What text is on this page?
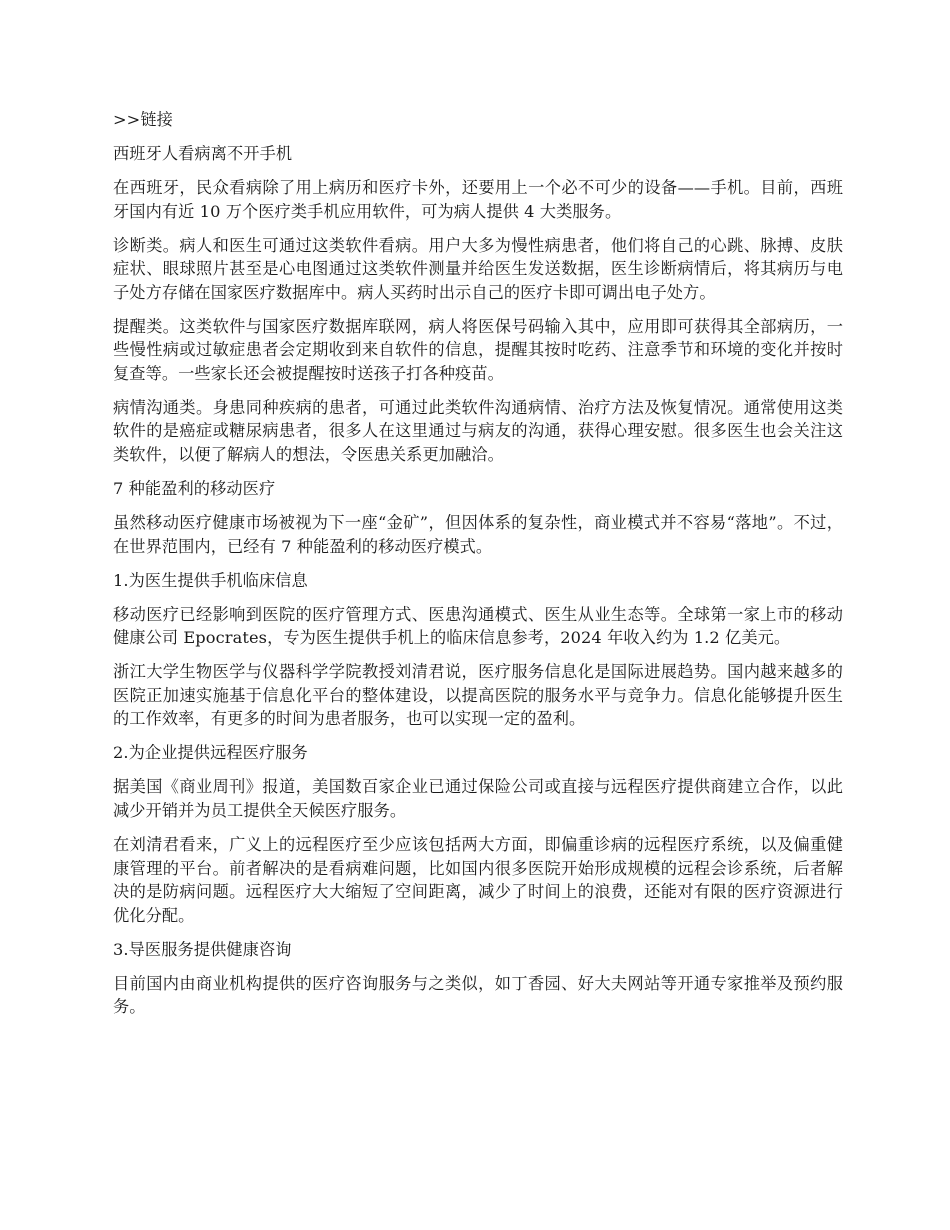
>>链接

西班牙人看病离不开手机

在西班牙，民众看病除了用上病历和医疗卡外，还要用上一个必不可少的设备——手机。目前，西班牙国内有近 10 万个医疗类手机应用软件，可为病人提供 4 大类服务。

诊断类。病人和医生可通过这类软件看病。用户大多为慢性病患者，他们将自己的心跳、脉搏、皮肤症状、眼球照片甚至是心电图通过这类软件测量并给医生发送数据，医生诊断病情后，将其病历与电子处方存储在国家医疗数据库中。病人买药时出示自己的医疗卡即可调出电子处方。

提醒类。这类软件与国家医疗数据库联网，病人将医保号码输入其中，应用即可获得其全部病历，一些慢性病或过敏症患者会定期收到来自软件的信息，提醒其按时吃药、注意季节和环境的变化并按时复查等。一些家长还会被提醒按时送孩子打各种疫苗。

病情沟通类。身患同种疾病的患者，可通过此类软件沟通病情、治疗方法及恢复情况。通常使用这类软件的是癌症或糖尿病患者，很多人在这里通过与病友的沟通，获得心理安慰。很多医生也会关注这类软件，以便了解病人的想法，令医患关系更加融洽。

7 种能盈利的移动医疗

虽然移动医疗健康市场被视为下一座“金矿”，但因体系的复杂性，商业模式并不容易“落地”。不过，在世界范围内，已经有 7 种能盈利的移动医疗模式。

1.为医生提供手机临床信息

移动医疗已经影响到医院的医疗管理方式、医患沟通模式、医生从业生态等。全球第一家上市的移动健康公司 Epocrates，专为医生提供手机上的临床信息参考，2024 年收入约为 1.2 亿美元。

浙江大学生物医学与仪器科学学院教授刘清君说，医疗服务信息化是国际进展趋势。国内越来越多的医院正加速实施基于信息化平台的整体建设，以提高医院的服务水平与竞争力。信息化能够提升医生的工作效率，有更多的时间为患者服务，也可以实现一定的盈利。

2.为企业提供远程医疗服务

据美国《商业周刊》报道，美国数百家企业已通过保险公司或直接与远程医疗提供商建立合作，以此减少开销并为员工提供全天候医疗服务。

在刘清君看来，广义上的远程医疗至少应该包括两大方面，即偏重诊病的远程医疗系统，以及偏重健康管理的平台。前者解决的是看病难问题，比如国内很多医院开始形成规模的远程会诊系统，后者解决的是防病问题。远程医疗大大缩短了空间距离，减少了时间上的浪费，还能对有限的医疗资源进行优化分配。

3.导医服务提供健康咨询

目前国内由商业机构提供的医疗咨询服务与之类似，如丁香园、好大夫网站等开通专家推举及预约服务。
